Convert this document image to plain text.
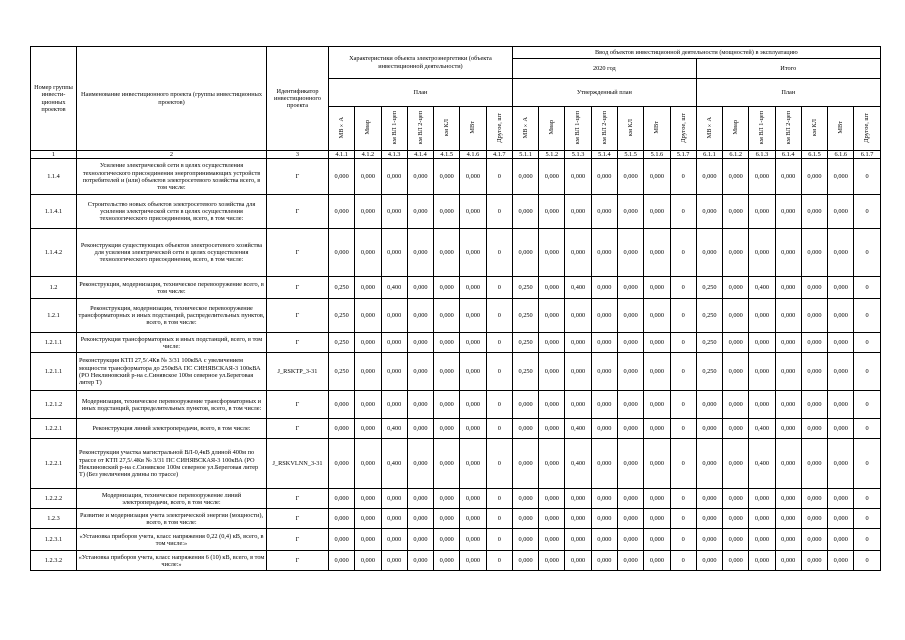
Номер группы инвести-ционных проектов	Наименование инвестиционного проекта (группы инвестиционных проектов)	Идентификатор инвестиционного проекта	Характеристики объекта электроэнергетики (объекта инвестиционной деятельности)							Ввод объектов инвестиционной деятельности (мощностей) в эксплуатацию													
										2020 год							Итого						
			План							Утвержденный план							План						
			МВ×А	Мвар	км ВЛ 1-цеп	км ВЛ 2-цеп	км КЛ	МВт	Другое, шт	МВ×А	Мвар	км ВЛ 1-цеп	км ВЛ 2-цеп	км КЛ	МВт	Другое, шт	МВ×А	Мвар	км ВЛ 1-цеп	км ВЛ 2-цеп	км КЛ	МВт	Другое, шт
1	2	3	4.1.1	4.1.2	4.1.3	4.1.4	4.1.5	4.1.6	4.1.7	5.1.1	5.1.2	5.1.3	5.1.4	5.1.5	5.1.6	5.1.7	6.1.1	6.1.2	6.1.3	6.1.4	6.1.5	6.1.6	6.1.7
1.1.4	Усиление электрической сети в целях осуществления технологического присоединения энергопринимающих устройств потребителей и (или) объектов электросетевого хозяйства всего, в том числе:	Г	0,000	0,000	0,000	0,000	0,000	0,000	0	0,000	0,000	0,000	0,000	0,000	0,000	0	0,000	0,000	0,000	0,000	0,000	0,000	0
1.1.4.1	Строительство новых объектов электросетевого хозяйства для усиления электрической сети в целях осуществления технологического присоединения, всего, в том числе:	Г	0,000	0,000	0,000	0,000	0,000	0,000	0	0,000	0,000	0,000	0,000	0,000	0,000	0	0,000	0,000	0,000	0,000	0,000	0,000	0
1.1.4.2	Реконструкция существующих объектов электросетевого хозяйства для усиления электрической сети в целях осуществления технологического присоединения, всего, в том числе:	Г	0,000	0,000	0,000	0,000	0,000	0,000	0	0,000	0,000	0,000	0,000	0,000	0,000	0	0,000	0,000	0,000	0,000	0,000	0,000	0
1.2	Реконструкция, модернизация, техническое перевооружение всего, в том числе:	Г	0,250	0,000	0,400	0,000	0,000	0,000	0	0,250	0,000	0,400	0,000	0,000	0,000	0	0,250	0,000	0,400	0,000	0,000	0,000	0
1.2.1	Реконструкция, модернизация, техническое перевооружение трансформаторных и иных подстанций, распределительных пунктов, всего, в том числе:	Г	0,250	0,000	0,000	0,000	0,000	0,000	0	0,250	0,000	0,000	0,000	0,000	0,000	0	0,250	0,000	0,000	0,000	0,000	0,000	0
1.2.1.1	Реконструкция трансформаторных и иных подстанций, всего, в том числе:	Г	0,250	0,000	0,000	0,000	0,000	0,000	0	0,250	0,000	0,000	0,000	0,000	0,000	0	0,250	0,000	0,000	0,000	0,000	0,000	0
1.2.1.1	Реконструкция КТП 27,5/.4Кв № 3/31 100кВА с увеличением мощности трансформатора до 250кВА ПС СИНЯВСКАЯ-3 100кВА (РО Неклиновский р-на с.Синявское 100м северное ул.Береговая литер Т)	J_RSKTP_3-31	0,250	0,000	0,000	0,000	0,000	0,000	0	0,250	0,000	0,000	0,000	0,000	0,000	0	0,250	0,000	0,000	0,000	0,000	0,000	0
1.2.1.2	Модернизация, техническое перевооружение трансформаторных и иных подстанций, распределительных пунктов, всего, в том числе:	Г	0,000	0,000	0,000	0,000	0,000	0,000	0	0,000	0,000	0,000	0,000	0,000	0,000	0	0,000	0,000	0,000	0,000	0,000	0,000	0
1.2.2.1	Реконструкция линий электропередачи, всего, в том числе:	Г	0,000	0,000	0,400	0,000	0,000	0,000	0	0,000	0,000	0,400	0,000	0,000	0,000	0	0,000	0,000	0,400	0,000	0,000	0,000	0
1.2.2.1	Реконструкция участка магистральной ВЛ-0,4кВ длиной 400м по трассе от КТП 27,5/.4Кв № 3/31 ПС СИНЯВСКАЯ-3 100кВА (РО Неклиновский р-на с.Синявское 100м северное ул.Береговая литер Т) (Без увеличения длины по трассе)	J_RSKVLNN_3-31	0,000	0,000	0,400	0,000	0,000	0,000	0	0,000	0,000	0,400	0,000	0,000	0,000	0	0,000	0,000	0,400	0,000	0,000	0,000	0
1.2.2.2	Модернизация, техническое перевооружение линий электропередачи, всего, в том числе:	Г	0,000	0,000	0,000	0,000	0,000	0,000	0	0,000	0,000	0,000	0,000	0,000	0,000	0	0,000	0,000	0,000	0,000	0,000	0,000	0
1.2.3	Развитие и модернизация учета электрической энергии (мощности), всего, в том числе:	Г	0,000	0,000	0,000	0,000	0,000	0,000	0	0,000	0,000	0,000	0,000	0,000	0,000	0	0,000	0,000	0,000	0,000	0,000	0,000	0
1.2.3.1	«Установка приборов учета, класс напряжения 0,22 (0,4) кВ, всего, в том числе:»	Г	0,000	0,000	0,000	0,000	0,000	0,000	0	0,000	0,000	0,000	0,000	0,000	0,000	0	0,000	0,000	0,000	0,000	0,000	0,000	0
1.2.3.2	«Установка приборов учета, класс напряжения 6 (10) кВ, всего, в том числе:»	Г	0,000	0,000	0,000	0,000	0,000	0,000	0	0,000	0,000	0,000	0,000	0,000	0,000	0	0,000	0,000	0,000	0,000	0,000	0,000	0
